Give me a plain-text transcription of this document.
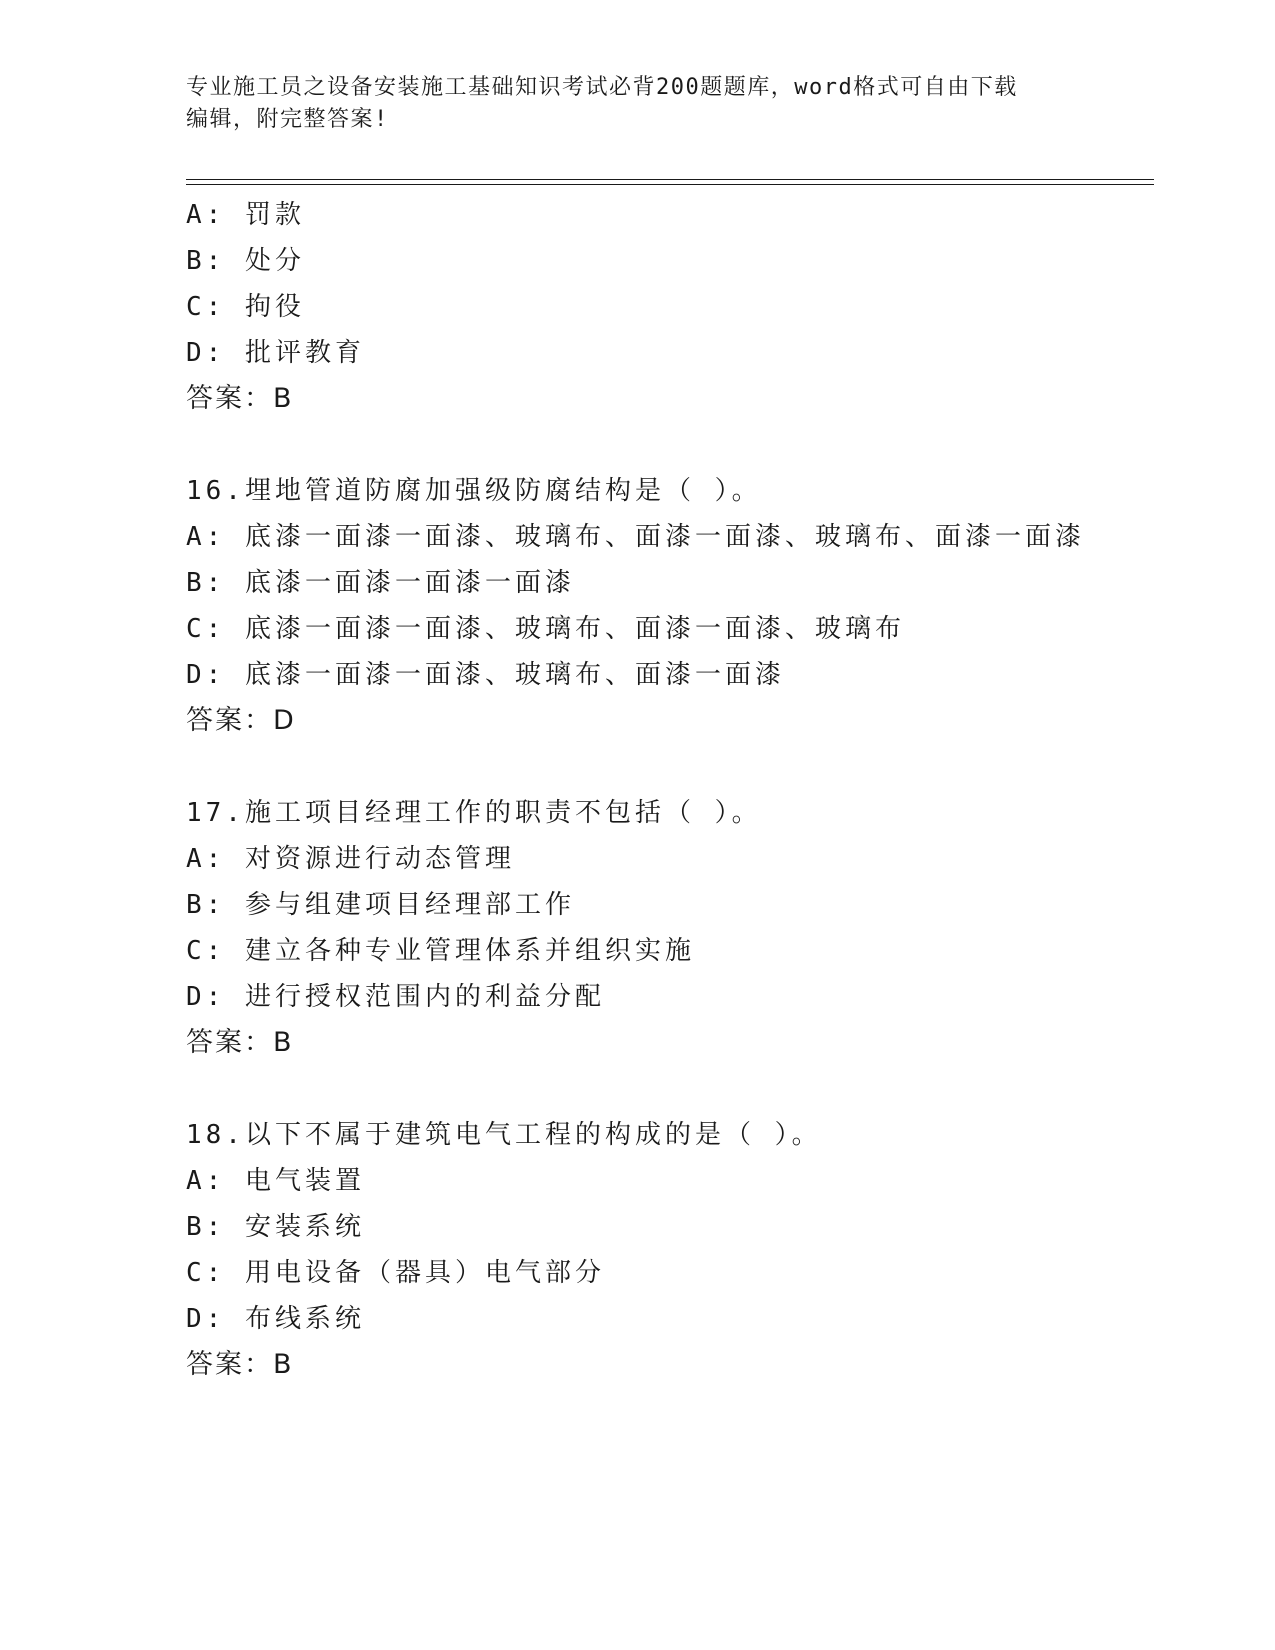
专业施工员之设备安装施工基础知识考试必背200题题库，word格式可自由下载
编辑，附完整答案!
A: 罚款
B: 处分
C: 拘役
D: 批评教育
答案：B
16.埋地管道防腐加强级防腐结构是（ ）。
A: 底漆一面漆一面漆、玻璃布、面漆一面漆、玻璃布、面漆一面漆
B: 底漆一面漆一面漆一面漆
C: 底漆一面漆一面漆、玻璃布、面漆一面漆、玻璃布
D: 底漆一面漆一面漆、玻璃布、面漆一面漆
答案：D
17.施工项目经理工作的职责不包括（ ）。
A: 对资源进行动态管理
B: 参与组建项目经理部工作
C: 建立各种专业管理体系并组织实施
D: 进行授权范围内的利益分配
答案：B
18.以下不属于建筑电气工程的构成的是（ ）。
A: 电气装置
B: 安装系统
C: 用电设备（器具）电气部分
D: 布线系统
答案：B
